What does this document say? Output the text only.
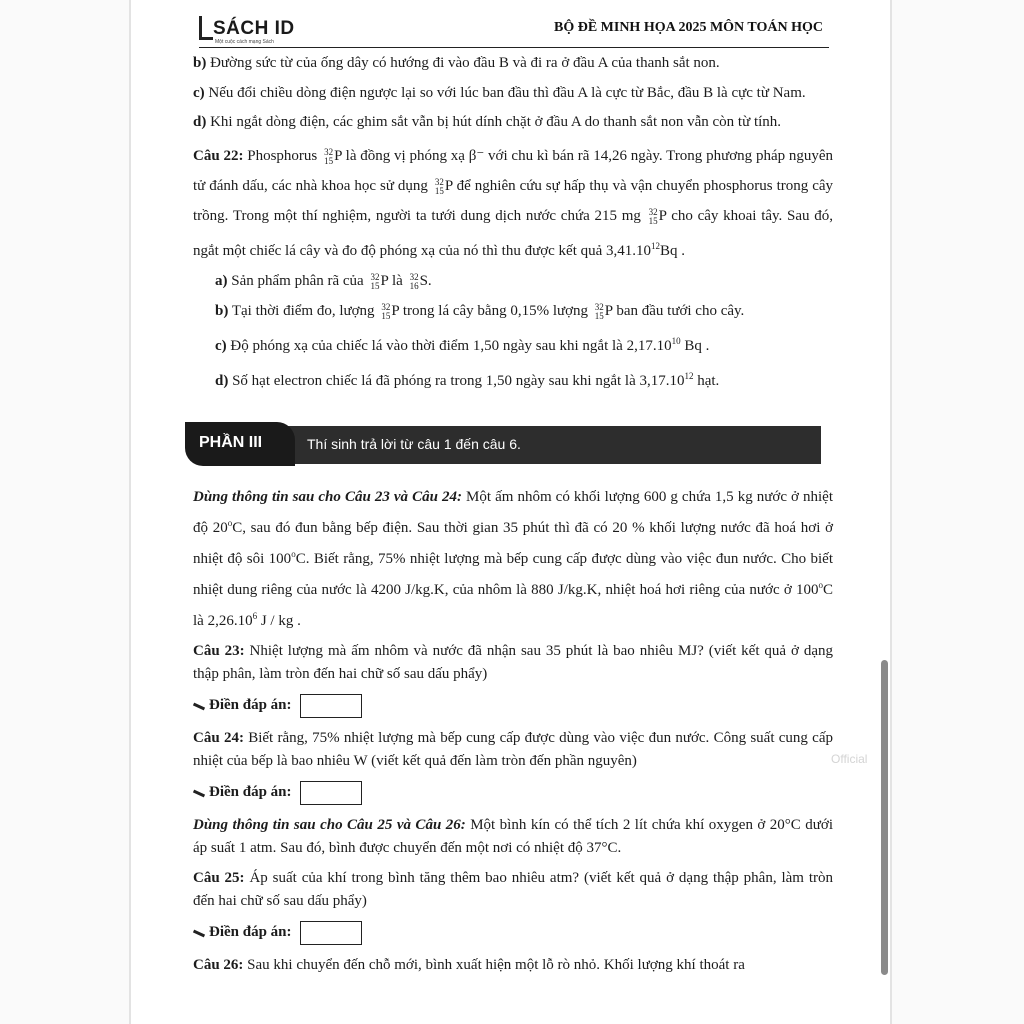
SÁCH ID
Một cuộc cách mạng Sách
BỘ ĐỀ MINH HỌA 2025 MÔN TOÁN HỌC

b) Đường sức từ của ống dây có hướng đi vào đầu B và đi ra ở đầu A của thanh sắt non.

c) Nếu đổi chiều dòng điện ngược lại so với lúc ban đầu thì đầu A là cực từ Bắc, đầu B là cực từ Nam.

d) Khi ngắt dòng điện, các ghim sắt vẫn bị hút dính chặt ở đầu A do thanh sắt non vẫn còn từ tính.

Câu 22: Phosphorus 32
15 P là đồng vị phóng xạ β⁻ với chu kì bán rã 14,26 ngày. Trong phương pháp nguyên tử đánh dấu, các nhà khoa học sử dụng 32
15 P để nghiên cứu sự hấp thụ và vận chuyển phosphorus trong cây trồng. Trong một thí nghiệm, người ta tưới dung dịch nước chứa 215 mg 32
15 P cho cây khoai tây. Sau đó, ngắt một chiếc lá cây và đo độ phóng xạ của nó thì thu được kết quả 3,41.10$^{12}$Bq .

a) Sản phẩm phân rã của 32
15 P là 32
16 S.

b) Tại thời điểm đo, lượng 32
15 P trong lá cây bằng 0,15% lượng 32
15 P ban đầu tưới cho cây.

c) Độ phóng xạ của chiếc lá vào thời điểm 1,50 ngày sau khi ngắt là 2,17.10$^{10}$ Bq .

d) Số hạt electron chiếc lá đã phóng ra trong 1,50 ngày sau khi ngắt là 3,17.10$^{12}$ hạt.

PHẦN III	Thí sinh trả lời từ câu 1 đến câu 6.

Dùng thông tin sau cho Câu 23 và Câu 24: Một ấm nhôm có khối lượng 600 g chứa 1,5 kg nước ở nhiệt độ 20$^o$C, sau đó đun bằng bếp điện. Sau thời gian 35 phút thì đã có 20 % khối lượng nước đã hoá hơi ở nhiệt độ sôi 100$^o$C. Biết rằng, 75% nhiệt lượng mà bếp cung cấp được dùng vào việc đun nước. Cho biết nhiệt dung riêng của nước là 4200 J/kg.K, của nhôm là 880 J/kg.K, nhiệt hoá hơi riêng của nước ở 100$^o$C là 2,26.10$^6$ J / kg .

Câu 23: Nhiệt lượng mà ấm nhôm và nước đã nhận sau 35 phút là bao nhiêu MJ? (viết kết quả ở dạng thập phân, làm tròn đến hai chữ số sau dấu phẩy)

Điền đáp án:

Câu 24: Biết rằng, 75% nhiệt lượng mà bếp cung cấp được dùng vào việc đun nước. Công suất cung cấp nhiệt của bếp là bao nhiêu W (viết kết quả đến làm tròn đến phần nguyên)

Điền đáp án:

Dùng thông tin sau cho Câu 25 và Câu 26: Một bình kín có thể tích 2 lít chứa khí oxygen ở 20°C dưới áp suất 1 atm. Sau đó, bình được chuyển đến một nơi có nhiệt độ 37°C.

Câu 25: Áp suất của khí trong bình tăng thêm bao nhiêu atm? (viết kết quả ở dạng thập phân, làm tròn đến hai chữ số sau dấu phẩy)

Điền đáp án:

Câu 26: Sau khi chuyển đến chỗ mới, bình xuất hiện một lỗ rò nhỏ. Khối lượng khí thoát ra

Official
